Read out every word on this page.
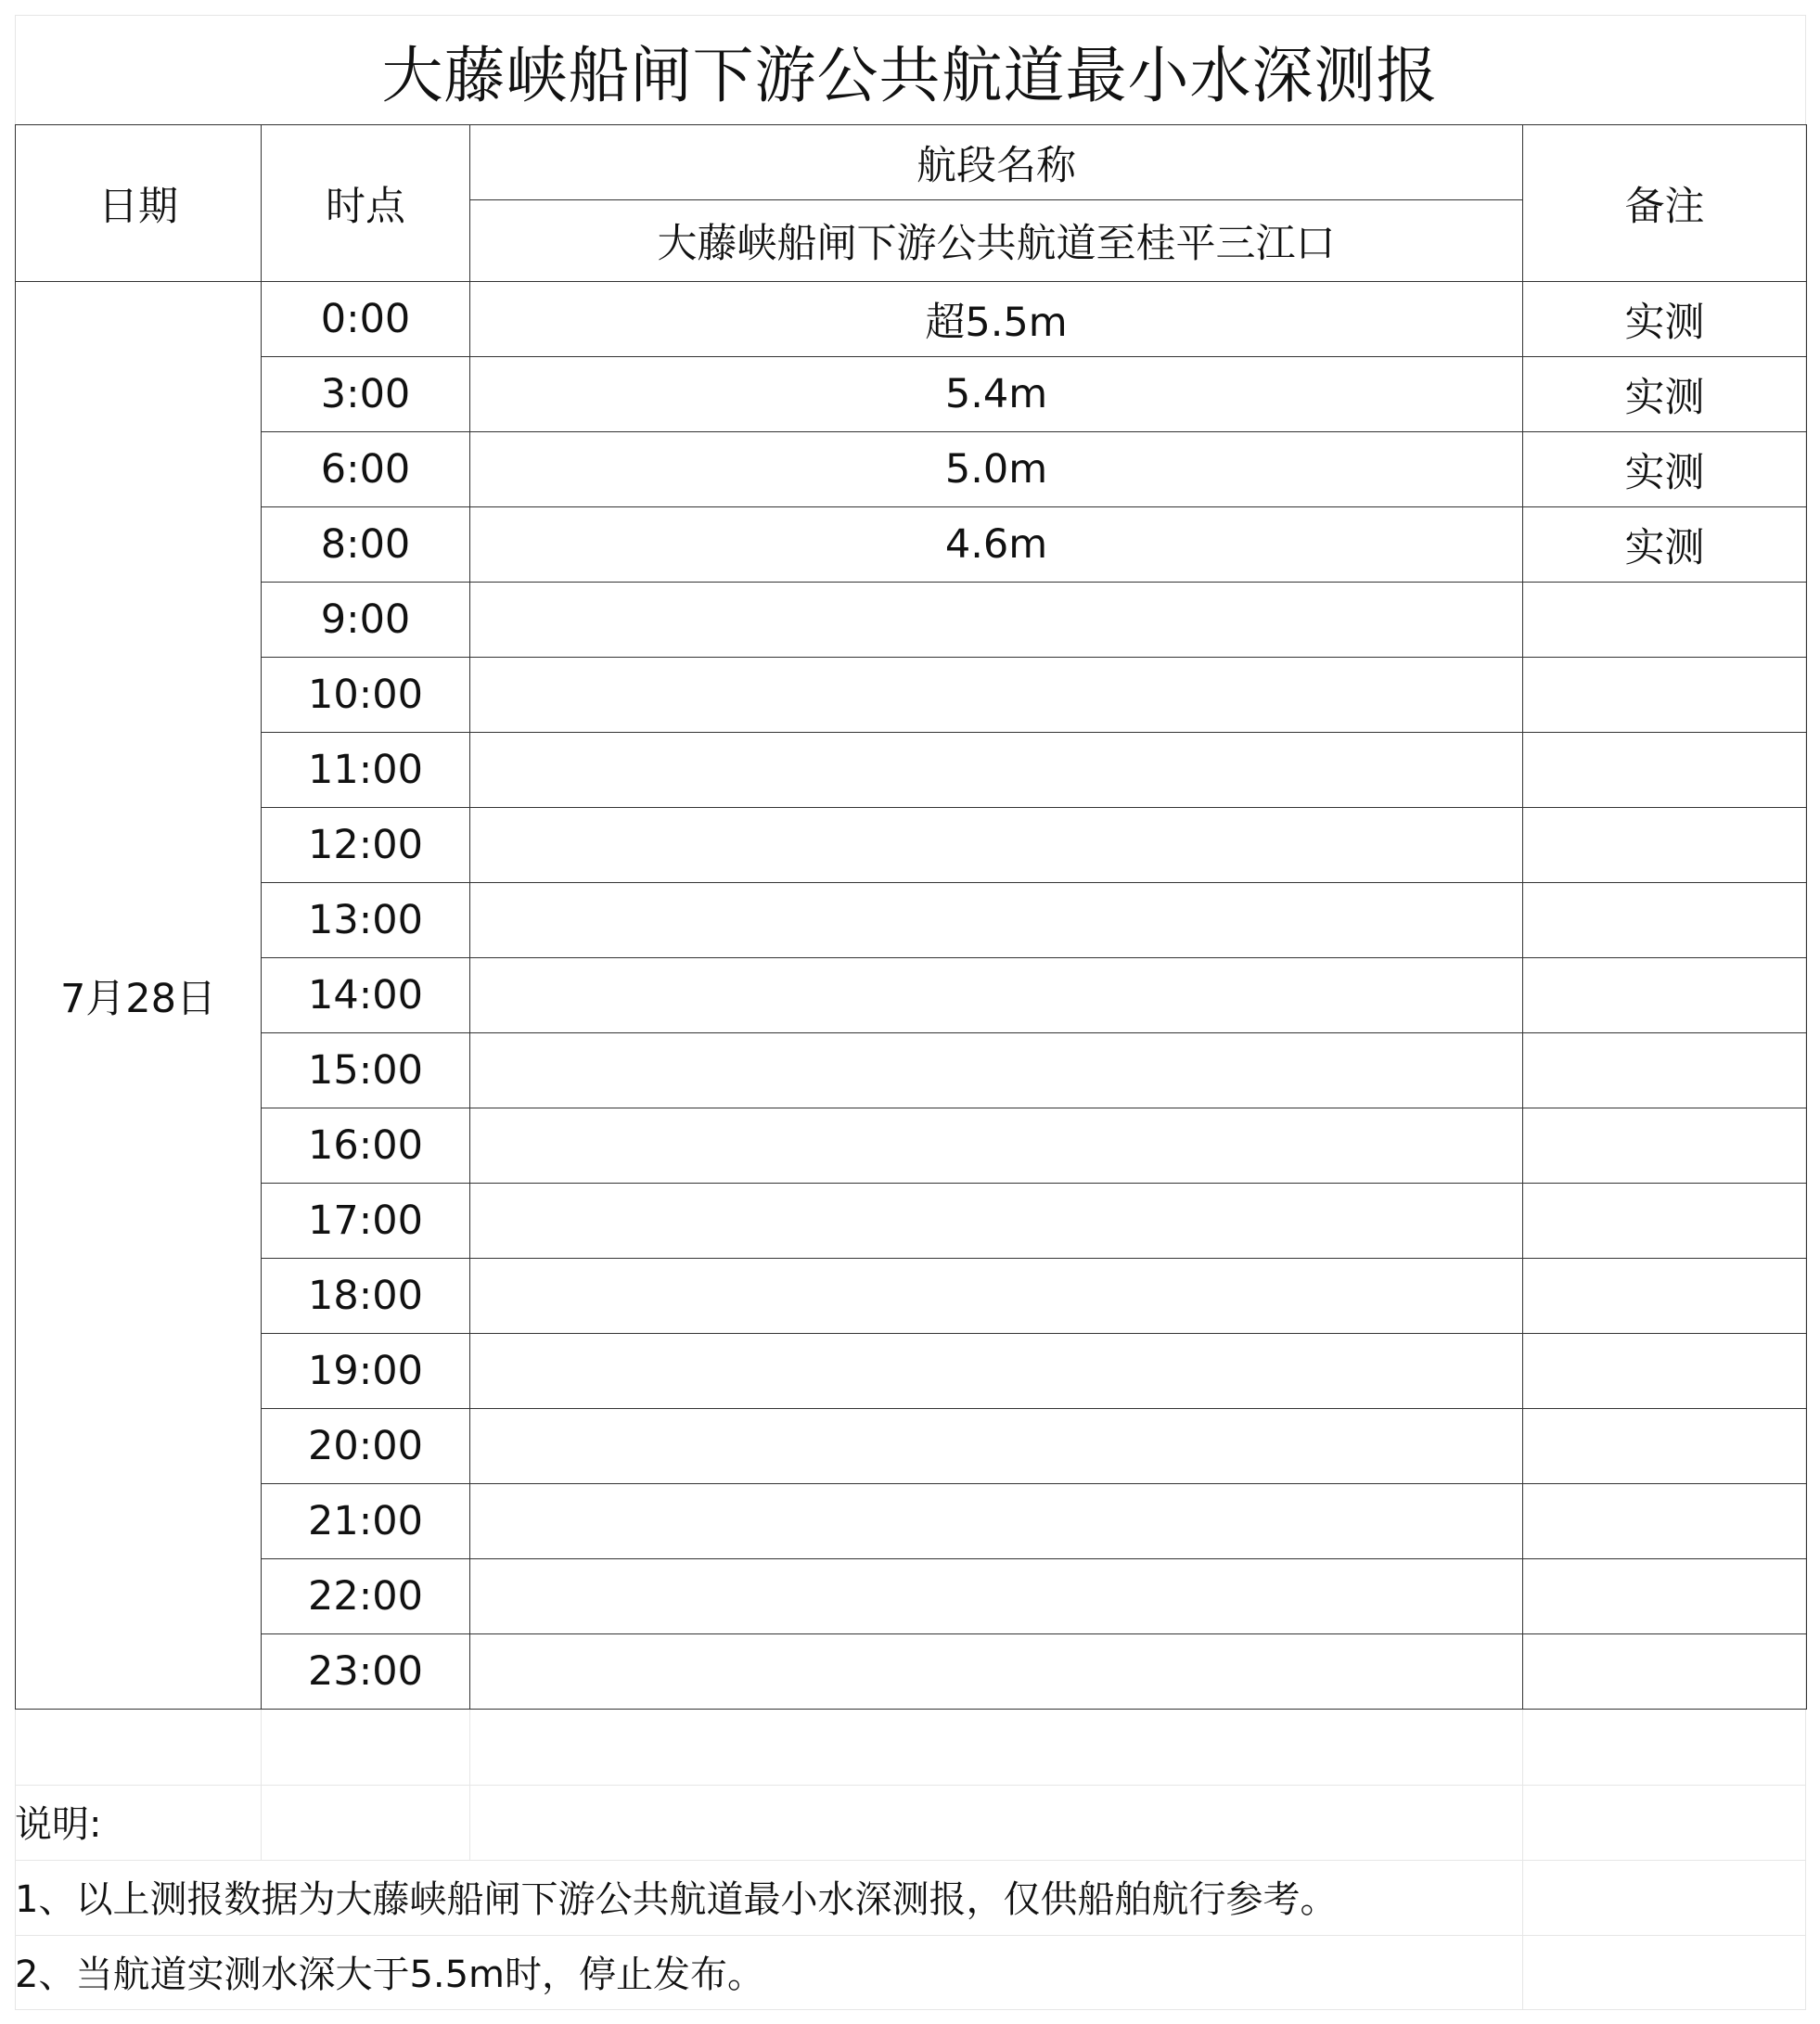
大藤峡船闸下游公共航道最小水深测报
日期	时点	航段名称	备注
		大藤峡船闸下游公共航道至桂平三江口	
7月28日	0:00	超5.5m	实测
	3:00	5.4m	实测
	6:00	5.0m	实测
	8:00	4.6m	实测
	9:00		
	10:00		
	11:00		
	12:00		
	13:00		
	14:00		
	15:00		
	16:00		
	17:00		
	18:00		
	19:00		
	20:00		
	21:00		
	22:00		
	23:00		
说明:
1、以上测报数据为大藤峡船闸下游公共航道最小水深测报，仅供船舶航行参考。
2、当航道实测水深大于5.5m时，停止发布。
